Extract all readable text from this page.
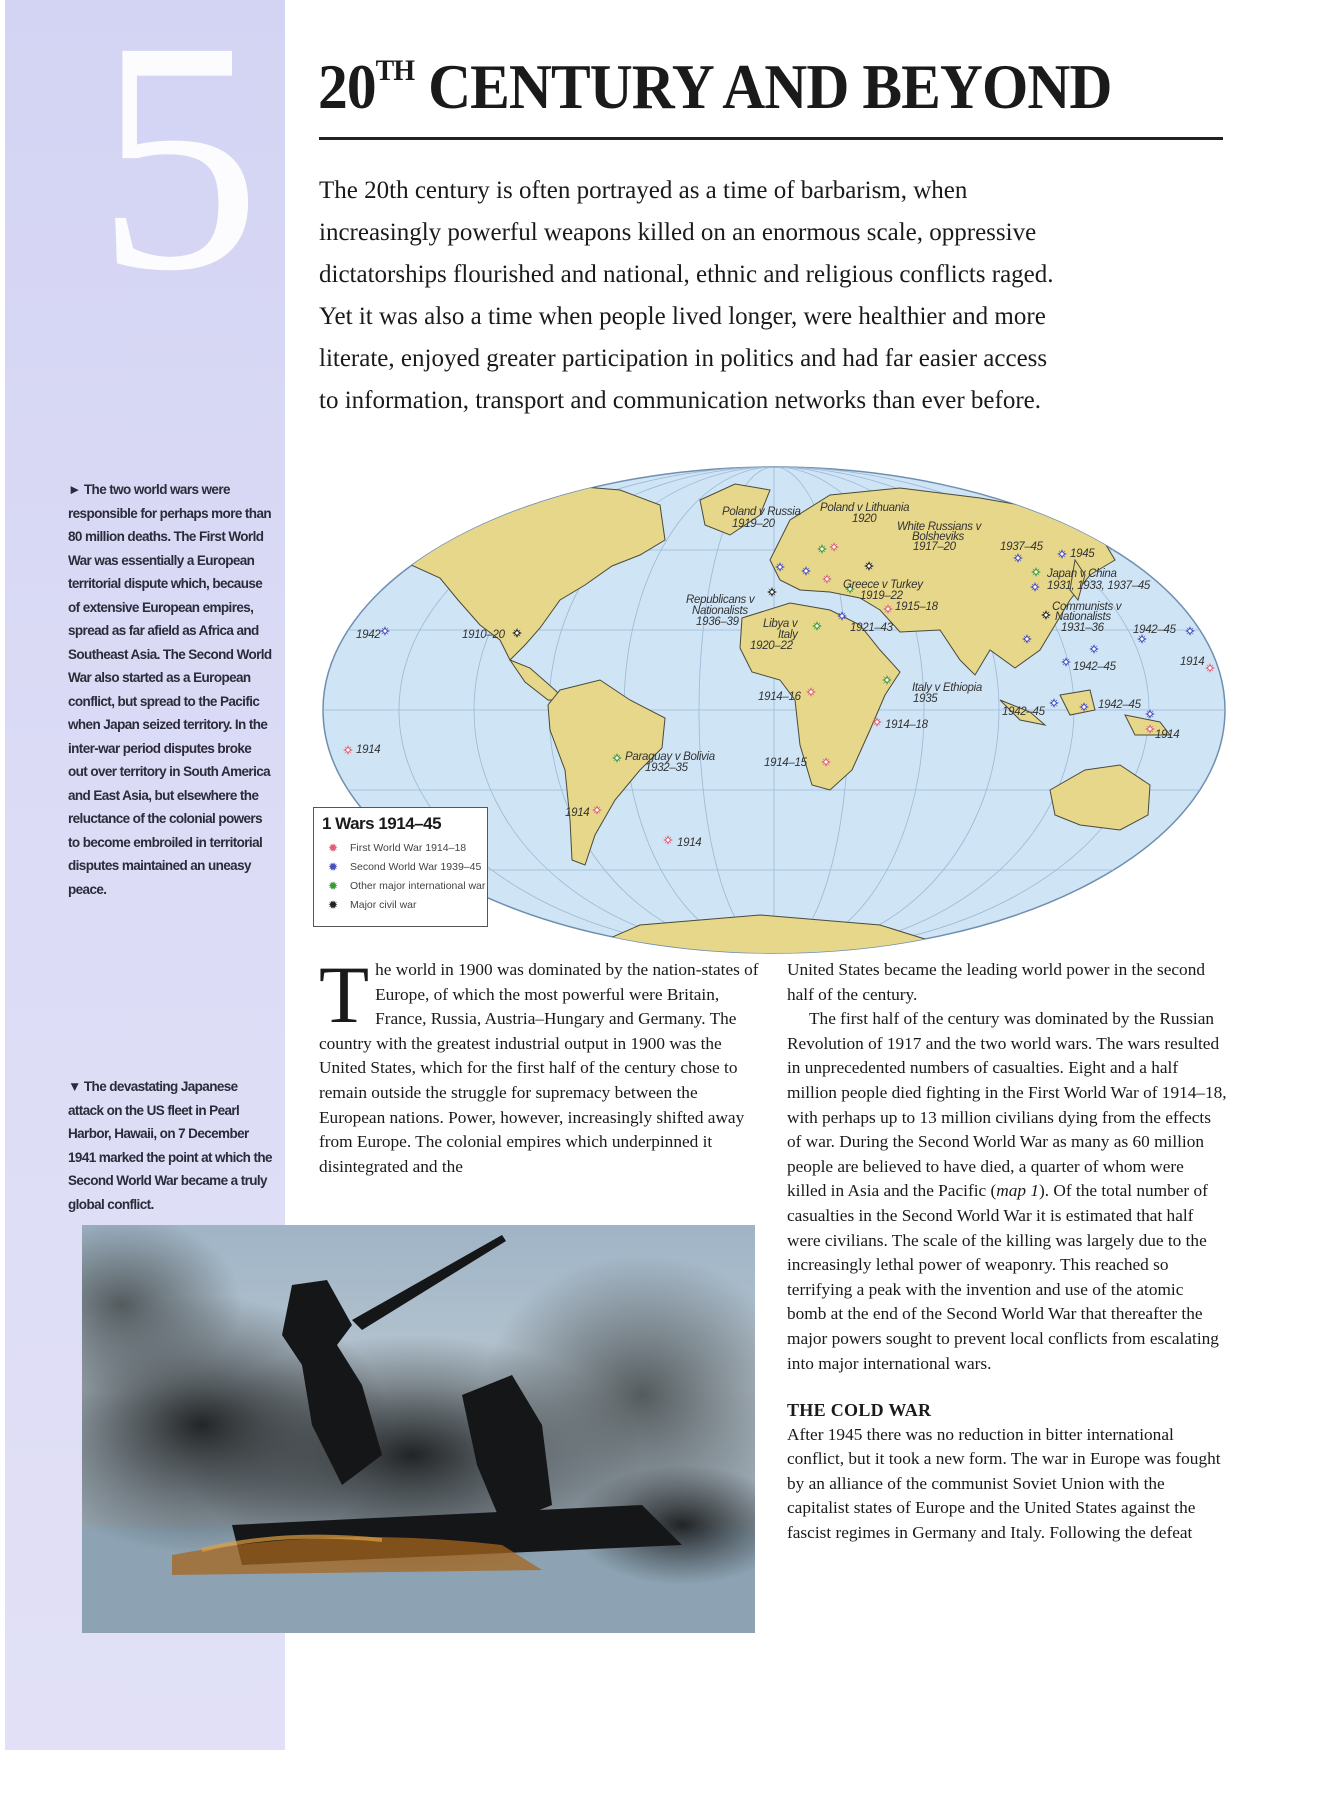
5 20TH CENTURY AND BEYOND
The 20th century is often portrayed as a time of barbarism, when
increasingly powerful weapons killed on an enormous scale, oppressive
dictatorships flourished and national, ethnic and religious conflicts raged.
Yet it was also a time when people lived longer, were healthier and more
literate, enjoyed greater participation in politics and had far easier access
to information, transport and communication networks than ever before.
► The two world wars were responsible for perhaps more than 80 million deaths. The First World War was essentially a European territorial dispute which, because of extensive European empires, spread as far afield as Africa and Southeast Asia. The Second World War also started as a European conflict, but spread to the Pacific when Japan seized territory. In the inter-war period disputes broke out over territory in South America and East Asia, but elsewhere the reluctance of the colonial powers to become embroiled in territorial disputes maintained an uneasy peace.
▼ The devastating Japanese attack on the US fleet in Pearl Harbor, Hawaii, on 7 December 1941 marked the point at which the Second World War became a truly global conflict.
Poland v Russia
1919–20
Poland v Lithuania
1920
White Russians v
Bolsheviks
1917–20
Republicans v
Nationalists
1936–39 Libya v
Italy
1920–22
Greece v Turkey
1919–22
1915–18
1921–43
1937–45
1945
Japan v China
1931, 1933, 1937–45
Communists v
Nationalists
1931–36	1942–45
1914
1942–45
1942–45
1942–45
1914
Italy v Ethiopia
1935
1914–18
1942	1910–20
1914
Paraguay v Bolivia
1932–35
1914
1914–16
1914–15
1914
1 Wars 1914–45
✹	First World War 1914–18
✹	Second World War 1939–45
✹	Other major international war
✹	Major civil war

The world in 1900 was dominated by the nation-states of Europe, of which the most powerful were Britain, France, Russia, Austria–Hungary and Germany. The country with the greatest industrial output in 1900 was the United States, which for the first half of the century chose to remain outside the struggle for supremacy between the European nations. Power, however, increasingly shifted away from Europe. The colonial empires which underpinned it disintegrated and the

United States became the leading world power in the second half of the century.

The first half of the century was dominated by the Russian Revolution of 1917 and the two world wars. The wars resulted in unprecedented numbers of casualties. Eight and a half million people died fighting in the First World War of 1914–18, with perhaps up to 13 million civilians dying from the effects of war. During the Second World War as many as 60 million people are believed to have died, a quarter of whom were killed in Asia and the Pacific (map 1). Of the total number of casualties in the Second World War it is estimated that half were civilians. The scale of the killing was largely due to the increasingly lethal power of weaponry. This reached so terrifying a peak with the invention and use of the atomic bomb at the end of the Second World War that thereafter the major powers sought to prevent local conflicts from escalating into major international wars.

THE COLD WAR

After 1945 there was no reduction in bitter international conflict, but it took a new form. The war in Europe was fought by an alliance of the communist Soviet Union with the capitalist states of Europe and the United States against the fascist regimes in Germany and Italy. Following the defeat
